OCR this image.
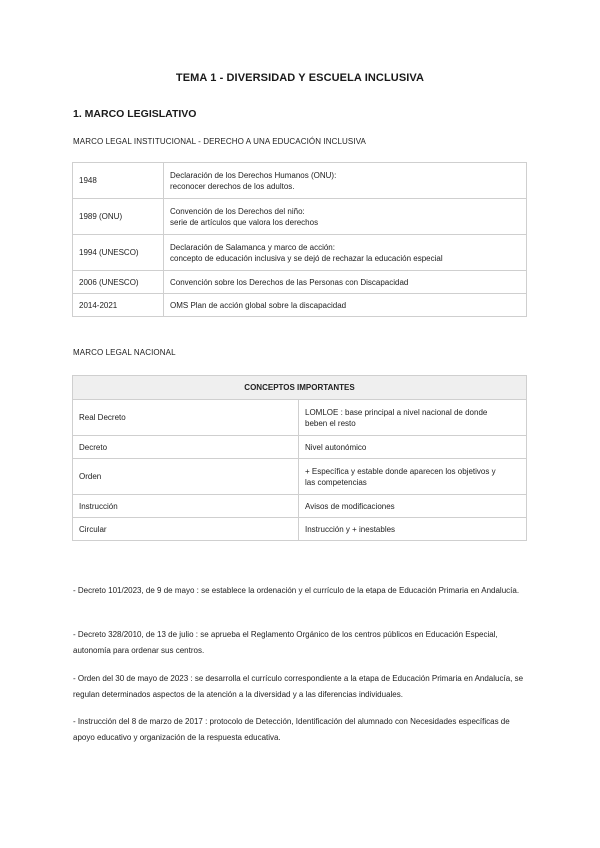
TEMA 1 - DIVERSIDAD Y ESCUELA INCLUSIVA
1. MARCO LEGISLATIVO
MARCO LEGAL INSTITUCIONAL - DERECHO A UNA EDUCACIÓN INCLUSIVA
1948	Declaración de los Derechos Humanos (ONU):
reconocer derechos de los adultos.

1989 (ONU)	Convención de los Derechos del niño:
serie de artículos que valora los derechos

1994 (UNESCO)	Declaración de Salamanca y marco de acción:
concepto de educación inclusiva y se dejó de rechazar la educación especial

2006 (UNESCO)	Convención sobre los Derechos de las Personas con Discapacidad
2014-2021	OMS Plan de acción global sobre la discapacidad
MARCO LEGAL NACIONAL
CONCEPTOS IMPORTANTES	
Real Decreto	LOMLOE : base principal a nivel nacional de donde
beben el resto

Decreto	Nivel autonómico
Orden	+ Específica y estable donde aparecen los objetivos y
las competencias

Instrucción	Avisos de modificaciones
Circular	Instrucción y + inestables
- Decreto 101/2023, de 9 de mayo : se establece la ordenación y el currículo de la etapa de Educación Primaria en Andalucía.
- Decreto 328/2010, de 13 de julio : se aprueba el Reglamento Orgánico de los centros públicos en Educación Especial, autonomía para ordenar sus centros.
- Orden del 30 de mayo de 2023 : se desarrolla el currículo correspondiente a la etapa de Educación Primaria en Andalucía, se regulan determinados aspectos de la atención a la diversidad y a las diferencias individuales.
- Instrucción del 8 de marzo de 2017 : protocolo de Detección, Identificación del alumnado con Necesidades específicas de apoyo educativo y organización de la respuesta educativa.
